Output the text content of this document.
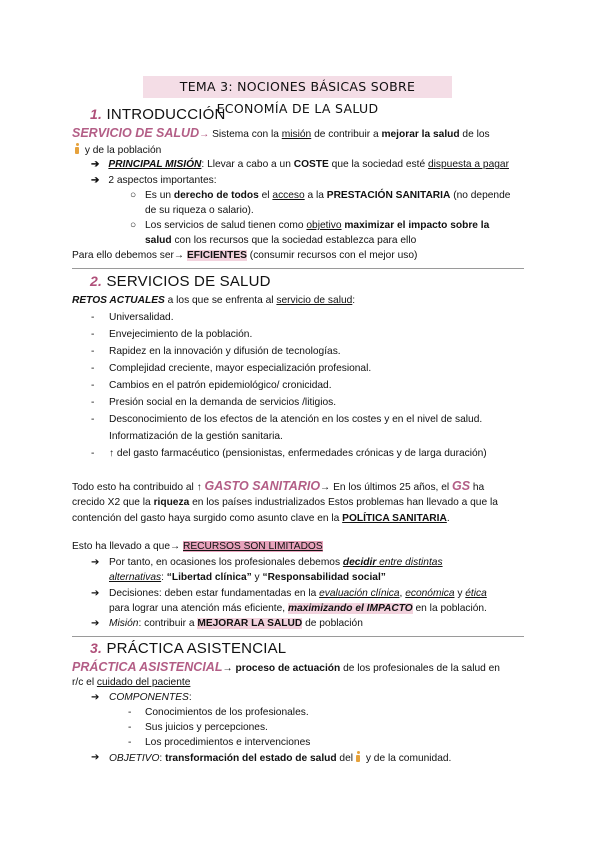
TEMA 3: NOCIONES BÁSICAS SOBRE ECONOMÍA DE LA SALUD
1. INTRODUCCIÓN
SERVICIO DE SALUD→ Sistema con la misión de contribuir a mejorar la salud de los
y de la población
➔ PRINCIPAL MISIÓN: Llevar a cabo a un COSTE que la sociedad esté dispuesta a pagar
➔ 2 aspectos importantes:
○ Es un derecho de todos el acceso a la PRESTACIÓN SANITARIA (no depende
de su riqueza o salario).
○ Los servicios de salud tienen como objetivo maximizar el impacto sobre la
salud con los recursos que la sociedad establezca para ello
Para ello debemos ser→ EFICIENTES (consumir recursos con el mejor uso)
2. SERVICIOS DE SALUD
RETOS ACTUALES a los que se enfrenta al servicio de salud:
- Universalidad.
- Envejecimiento de la población.
- Rapidez en la innovación y difusión de tecnologías.
- Complejidad creciente, mayor especialización profesional.
- Cambios en el patrón epidemiológico/ cronicidad.
- Presión social en la demanda de servicios /litigios.
- Desconocimiento de los efectos de la atención en los costes y en el nivel de salud.
Informatización de la gestión sanitaria.
- ↑ del gasto farmacéutico (pensionistas, enfermedades crónicas y de larga duración)
Todo esto ha contribuido al ↑ GASTO SANITARIO→ En los últimos 25 años, el GS ha
crecido X2 que la riqueza en los países industrializados Estos problemas han llevado a que la
contención del gasto haya surgido como asunto clave en la POLÍTICA SANITARIA.
Esto ha llevado a que→ RECURSOS SON LIMITADOS
➔ Por tanto, en ocasiones los profesionales debemos decidir entre distintas
alternativas: “Libertad clínica” y “Responsabilidad social”
➔ Decisiones: deben estar fundamentadas en la evaluación clínica, económica y ética
para lograr una atención más eficiente, maximizando el IMPACTO en la población.
➔ Misión: contribuir a MEJORAR LA SALUD de población
3. PRÁCTICA ASISTENCIAL
PRÁCTICA ASISTENCIAL→ proceso de actuación de los profesionales de la salud en
r/c el cuidado del paciente
➔ COMPONENTES:
- Conocimientos de los profesionales.
- Sus juicios y percepciones.
- Los procedimientos e intervenciones
➔ OBJETIVO: transformación del estado de salud del y de la comunidad.
